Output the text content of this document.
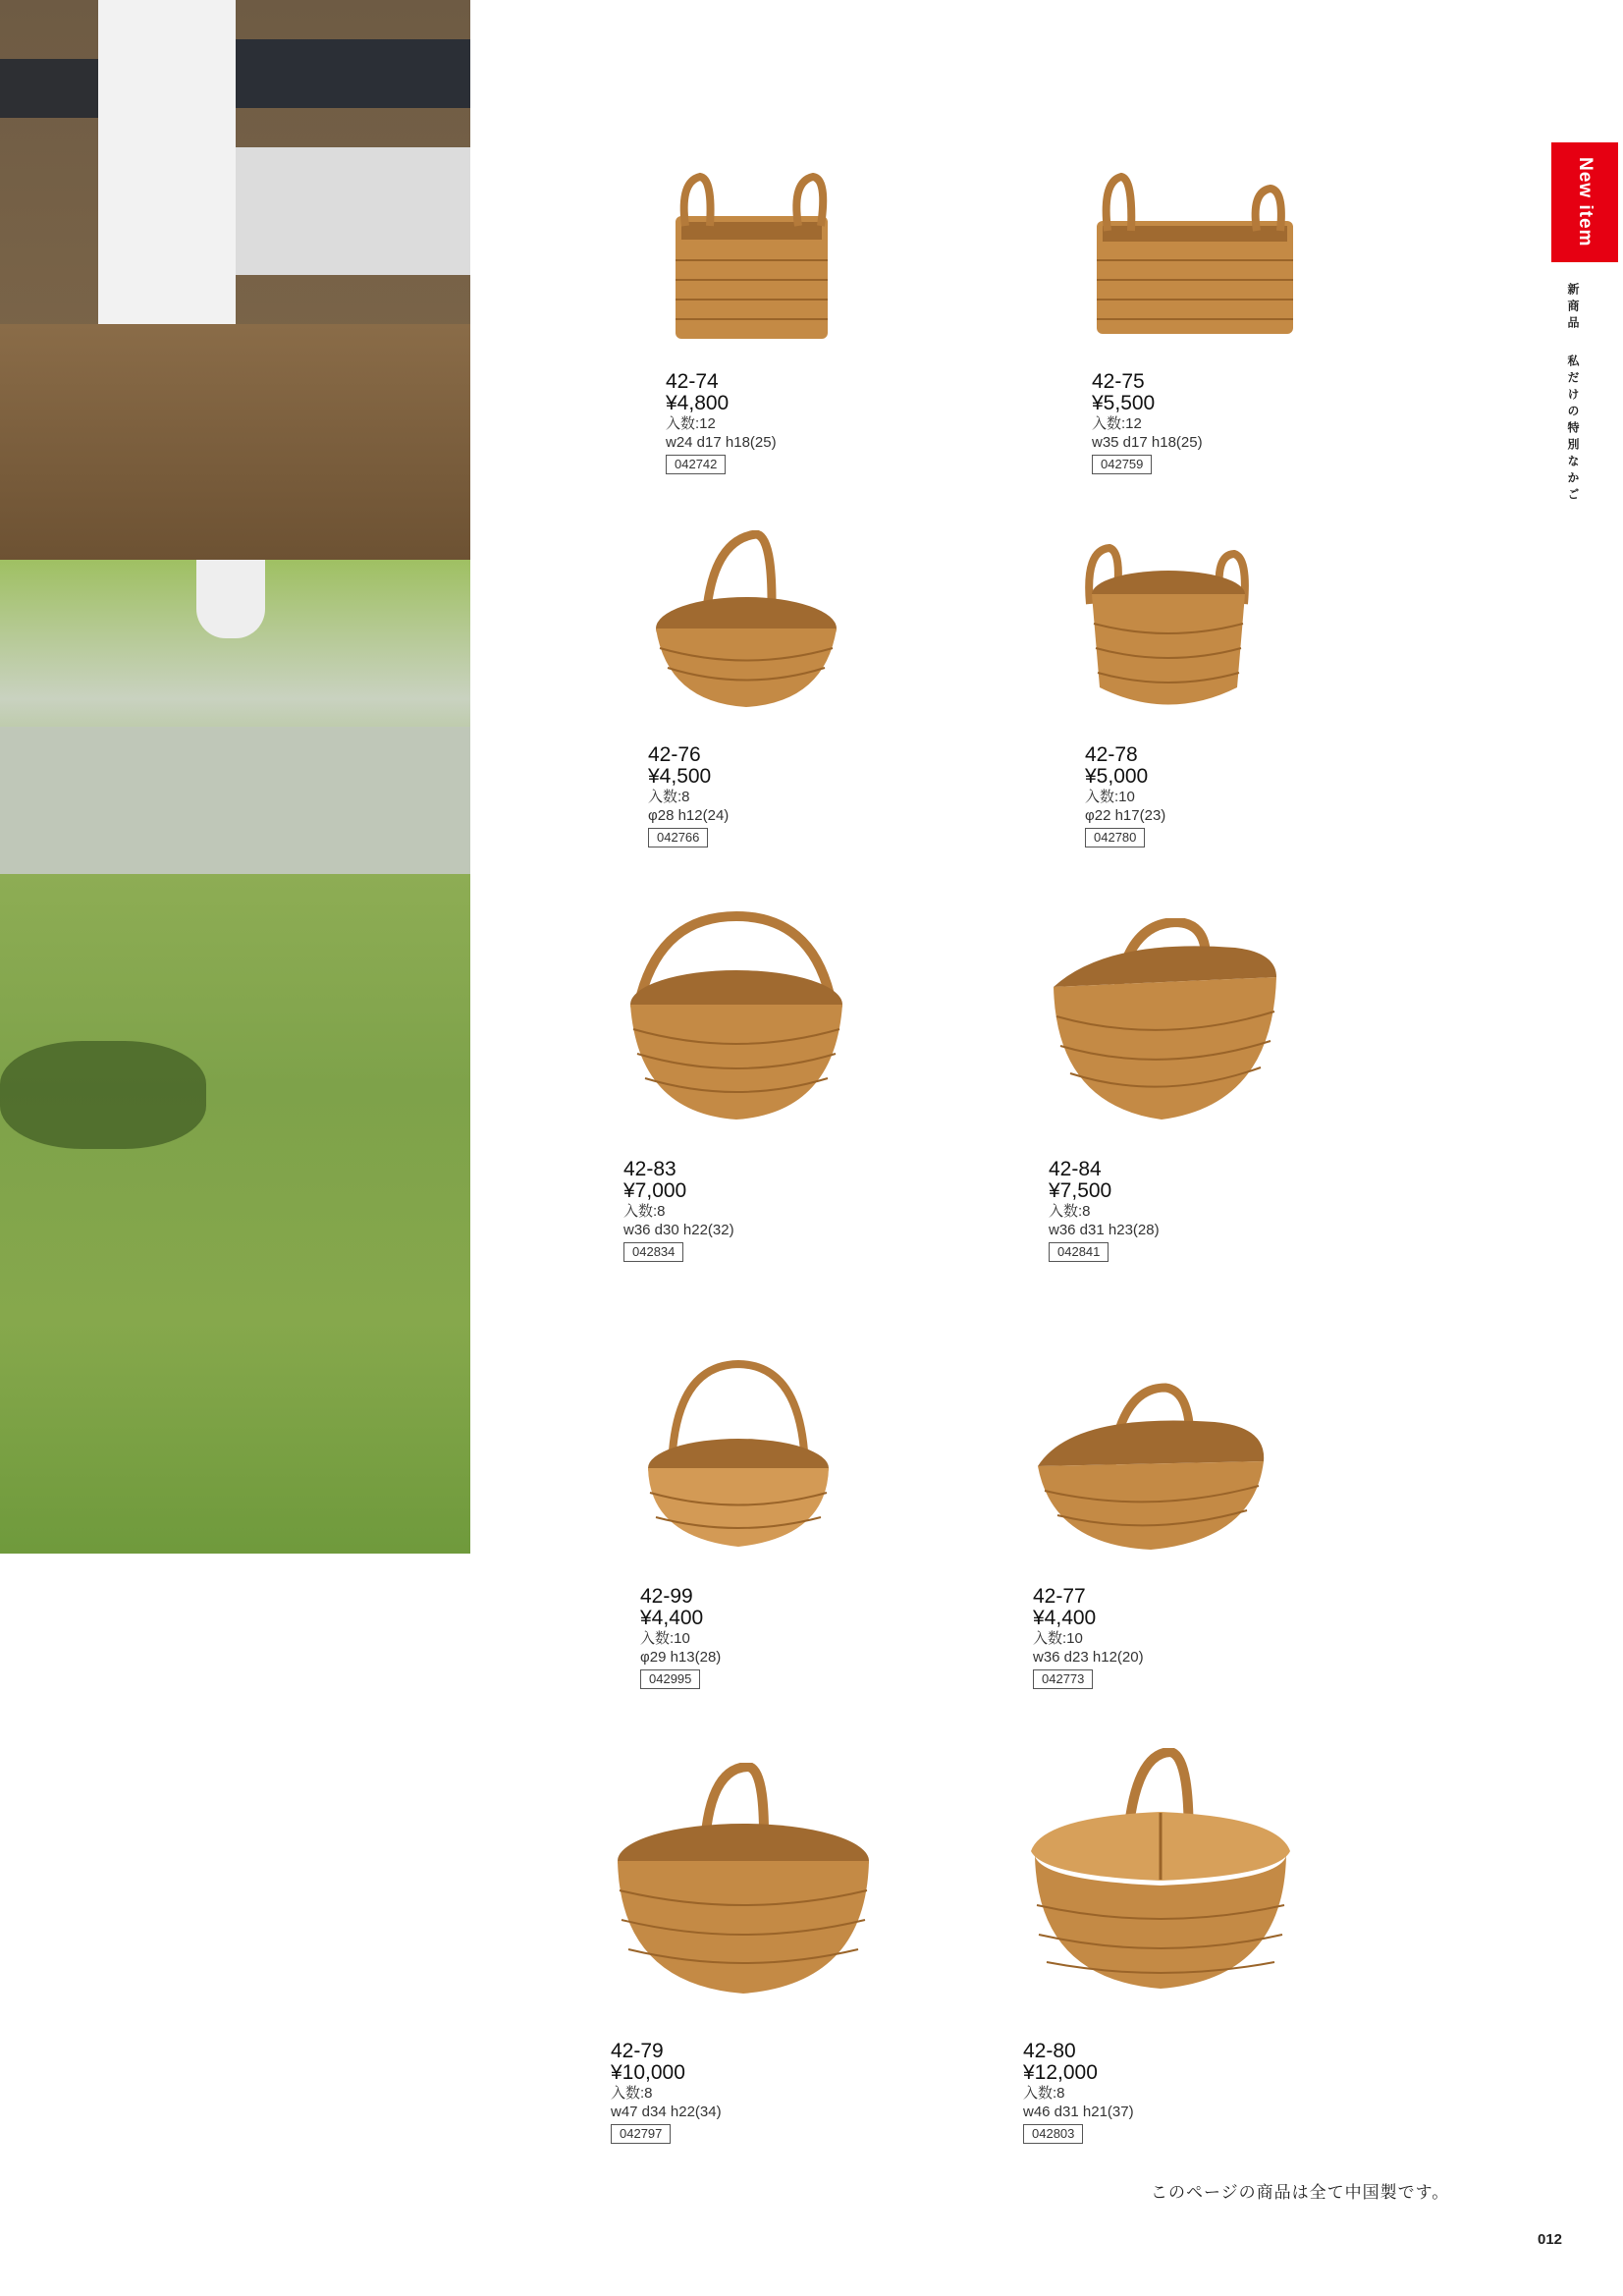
New item
新商品私だけの特別なかご
42-74
¥4,800
入数:12
w24 d17 h18(25)
042742
42-75
¥5,500
入数:12
w35 d17 h18(25)
042759
42-76
¥4,500
入数:8
φ28 h12(24)
042766
42-78
¥5,000
入数:10
φ22 h17(23)
042780
42-83
¥7,000
入数:8
w36 d30 h22(32)
042834
42-84
¥7,500
入数:8
w36 d31 h23(28)
042841
42-99
¥4,400
入数:10
φ29 h13(28)
042995
42-77
¥4,400
入数:10
w36 d23 h12(20)
042773
42-79
¥10,000
入数:8
w47 d34 h22(34)
042797
42-80
¥12,000
入数:8
w46 d31 h21(37)
042803
このページの商品は全て中国製です。
012
